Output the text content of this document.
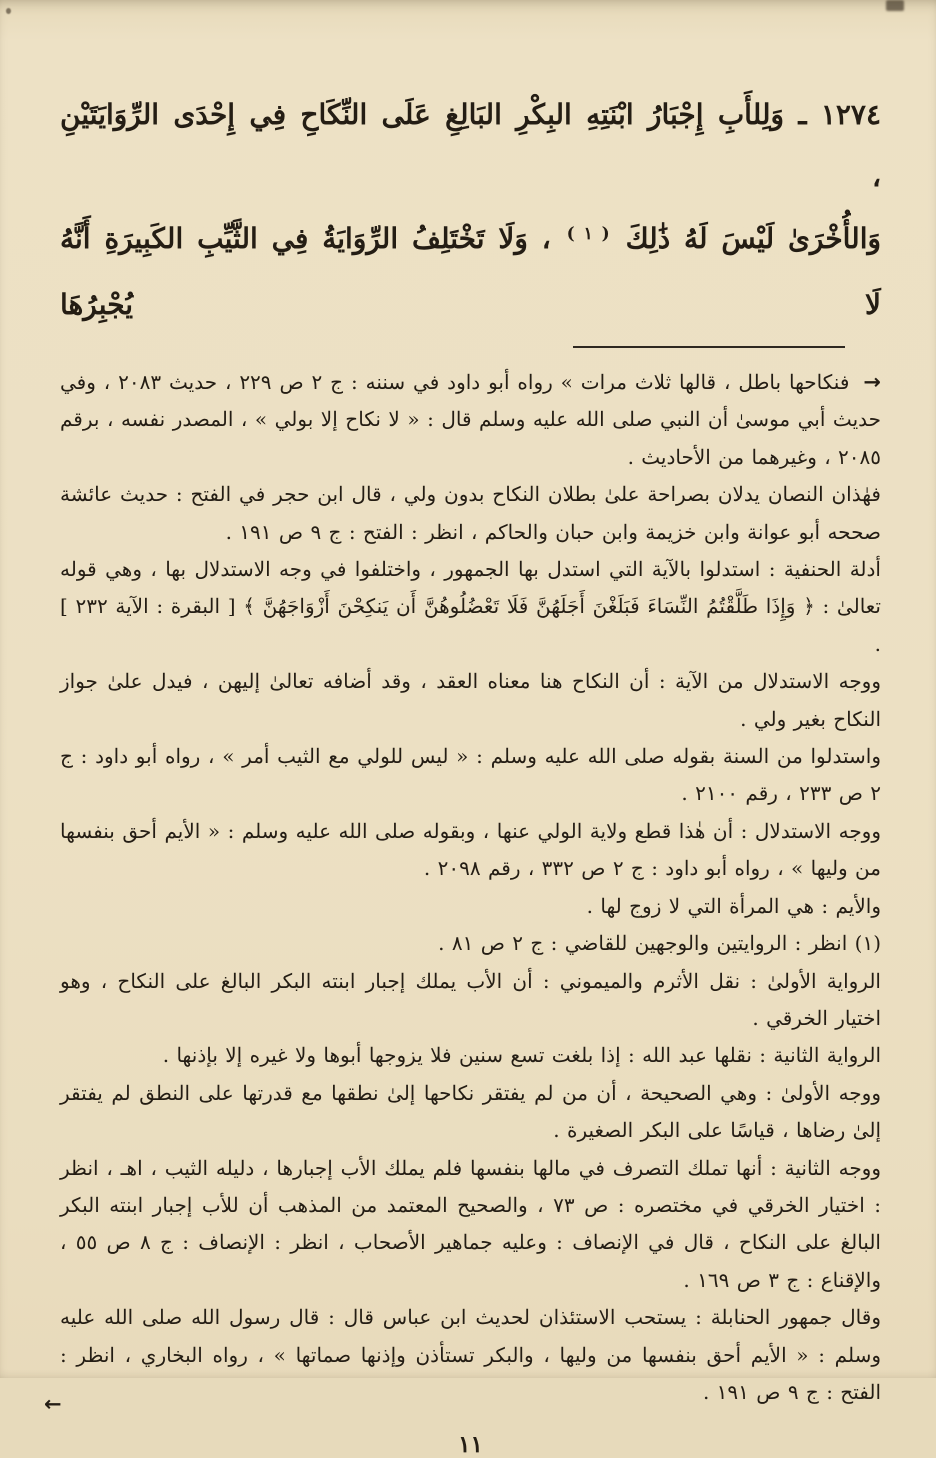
١٢٧٤ ـ وَلِلأَبِ إِجْبَارُ ابْنَتِهِ البِكْرِ البَالِغِ عَلَى النِّكَاحِ فِي إِحْدَى الرِّوَايَتَيْنِ ،
وَالأُخْرَىٰ لَيْسَ لَهُ ذَٰلِكَ ( ١ ) ، وَلَا تَخْتَلِفُ الرِّوَايَةُ فِي الثَّيِّبِ الكَبِيرَةِ أَنَّهُ لَا يُجْبِرُهَا

→فنكاحها باطل ، قالها ثلاث مرات » رواه أبو داود في سننه : ج ٢ ص ٢٢٩ ، حديث ٢٠٨٣ ، وفي حديث أبي موسىٰ أن النبي صلى الله عليه وسلم قال : « لا نكاح إلا بولي » ، المصدر نفسه ، برقم ٢٠٨٥ ، وغيرهما من الأحاديث .

فهٰذان النصان يدلان بصراحة علىٰ بطلان النكاح بدون ولي ، قال ابن حجر في الفتح : حديث عائشة صححه أبو عوانة وابن خزيمة وابن حبان والحاكم ، انظر : الفتح : ج ٩ ص ١٩١ .

أدلة الحنفية : استدلوا بالآية التي استدل بها الجمهور ، واختلفوا في وجه الاستدلال بها ، وهي قوله تعالىٰ : ﴿ وَإِذَا طَلَّقْتُمُ النِّسَاءَ فَبَلَغْنَ أَجَلَهُنَّ فَلَا تَعْضُلُوهُنَّ أَن يَنكِحْنَ أَزْوَاجَهُنَّ ﴾ [ البقرة : الآية ٢٣٢ ] .

ووجه الاستدلال من الآية : أن النكاح هنا معناه العقد ، وقد أضافه تعالىٰ إليهن ، فيدل علىٰ جواز النكاح بغير ولي .

واستدلوا من السنة بقوله صلى الله عليه وسلم : « ليس للولي مع الثيب أمر » ، رواه أبو داود : ج ٢ ص ٢٣٣ ، رقم ٢١٠٠ .

ووجه الاستدلال : أن هٰذا قطع ولاية الولي عنها ، وبقوله صلى الله عليه وسلم : « الأيم أحق بنفسها من وليها » ، رواه أبو داود : ج ٢ ص ٣٣٢ ، رقم ٢٠٩٨ .

والأيم : هي المرأة التي لا زوج لها .

(١) انظر : الروايتين والوجهين للقاضي : ج ٢ ص ٨١ .

الرواية الأولىٰ : نقل الأثرم والميموني : أن الأب يملك إجبار ابنته البكر البالغ على النكاح ، وهو اختيار الخرقي .

الرواية الثانية : نقلها عبد الله : إذا بلغت تسع سنين فلا يزوجها أبوها ولا غيره إلا بإذنها .

ووجه الأولىٰ : وهي الصحيحة ، أن من لم يفتقر نكاحها إلىٰ نطقها مع قدرتها على النطق لم يفتقر إلىٰ رضاها ، قياسًا على البكر الصغيرة .

ووجه الثانية : أنها تملك التصرف في مالها بنفسها فلم يملك الأب إجبارها ، دليله الثيب ، اهـ ، انظر : اختيار الخرقي في مختصره : ص ٧٣ ، والصحيح المعتمد من المذهب أن للأب إجبار ابنته البكر البالغ على النكاح ، قال في الإنصاف : وعليه جماهير الأصحاب ، انظر : الإنصاف : ج ٨ ص ٥٥ ، والإقناع : ج ٣ ص ١٦٩ .

وقال جمهور الحنابلة : يستحب الاستئذان لحديث ابن عباس قال : قال رسول الله صلى الله عليه وسلم : « الأيم أحق بنفسها من وليها ، والبكر تستأذن وإذنها صماتها » ، رواه البخاري ، انظر : الفتح : ج ٩ ص ١٩١ .
←

١١
